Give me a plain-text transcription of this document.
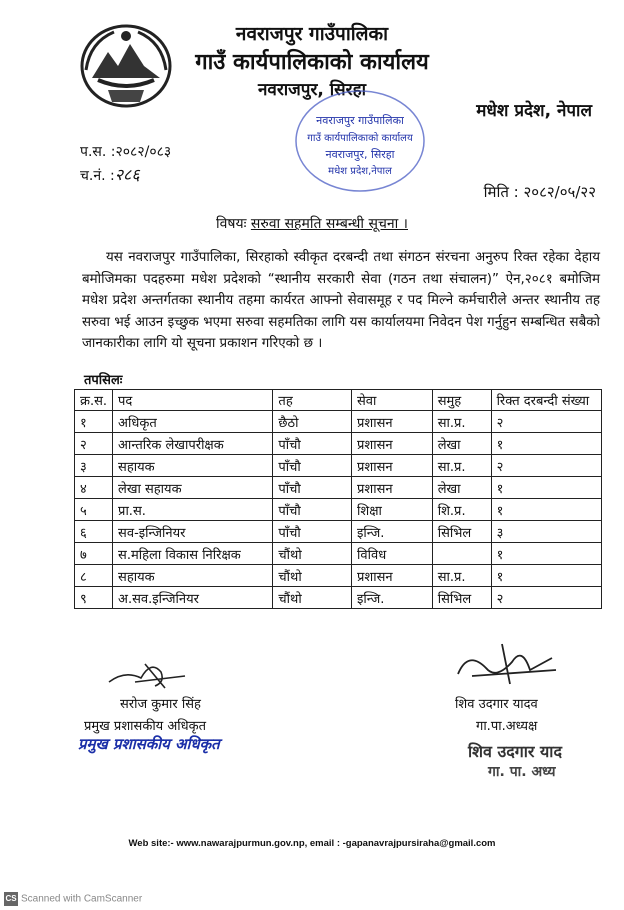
नवराजपुर गाउँपालिका
गाउँ कार्यपालिकाको कार्यालय
नवराजपुर, सिरहा
मधेश प्रदेश, नेपाल
नवराजपुर गाउँपालिका
गाउँ कार्यपालिकाको कार्यालय
नवराजपुर, सिरहा
मधेश प्रदेश,नेपाल
प.स. :२०८२/०८३
च.नं. :२८६
मिति : २०८२/०५/२२
विषयः सरुवा सहमति सम्बन्धी सूचना ।
यस नवराजपुर गाउँपालिका, सिरहाको स्वीकृत दरबन्दी तथा संगठन संरचना अनुरुप रिक्त रहेका देहाय बमोजिमका पदहरुमा मधेश प्रदेशको “स्थानीय सरकारी सेवा (गठन तथा संचालन)” ऐन,२०८१ बमोजिम मधेश प्रदेश अन्तर्गतका स्थानीय तहमा कार्यरत आफ्नो सेवासमूह र पद मिल्ने कर्मचारीले अन्तर स्थानीय तह सरुवा भई आउन इच्छुक भएमा सरुवा सहमतिका लागि यस कार्यालयमा निवेदन पेश गर्नुहुन सम्बन्धित सबैको जानकारीका लागि यो सूचना प्रकाशन गरिएको छ ।
तपसिलः
क्र.स.	पद	तह	सेवा	समुह	रिक्त दरबन्दी संख्या
१	अधिकृत	छैठो	प्रशासन	सा.प्र.	२
२	आन्तरिक लेखापरीक्षक	पाँचौ	प्रशासन	लेखा	१
३	सहायक	पाँचौ	प्रशासन	सा.प्र.	२
४	लेखा सहायक	पाँचौ	प्रशासन	लेखा	१
५	प्रा.स.	पाँचौ	शिक्षा	शि.प्र.	१
६	सव-इन्जिनियर	पाँचौ	इन्जि.	सिभिल	३
७	स.महिला विकास निरिक्षक	चौंथो	विविध		१
८	सहायक	चौंथो	प्रशासन	सा.प्र.	१
९	अ.सव.इन्जिनियर	चौंथो	इन्जि.	सिभिल	२
सरोज कुमार सिंह
प्रमुख प्रशासकीय अधिकृत
प्रमुख प्रशासकीय अधिकृत
शिव उदगार यादव
गा.पा.अध्यक्ष
शिव उदगार याद
गा. पा. अध्य
Web site:- www.nawarajpurmun.gov.np, email : -gapanavrajpursiraha@gmail.com
CS Scanned with CamScanner
